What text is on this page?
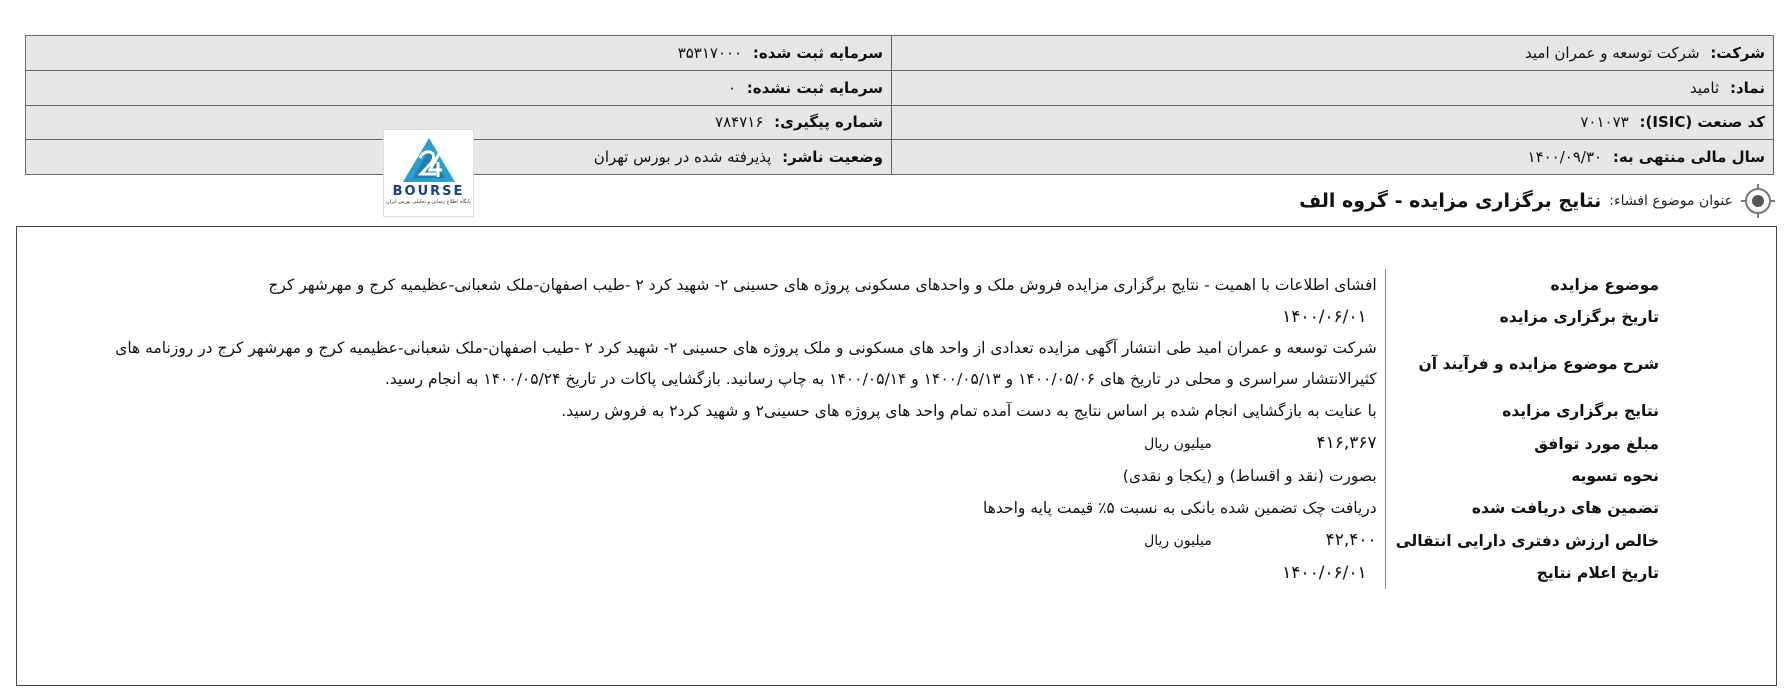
شرکت: شرکت توسعه و عمران امید	سرمایه ثبت شده: ۳۵۳۱۷۰۰۰
نماد: ثامید	سرمایه ثبت نشده: ۰
کد صنعت (ISIC): ۷۰۱۰۷۳	شماره پیگیری: ۷۸۴۷۱۶
سال مالی منتهی به: ۱۴۰۰/۰۹/۳۰	وضعیت ناشر: پذیرفته شده در بورس تهران
BOURSE
پایگاه اطلاع رسانی و تحلیلی بورس ایران	عنوان موضوع افشاء:
نتایج برگزاری مزایده - گروه الف
موضوع مزایده	افشای اطلاعات با اهمیت - نتایج برگزاری مزایده فروش ملک و واحدهای مسکونی پروژه های حسینی ۲- شهید کرد ۲ -طیب اصفهان-ملک شعبانی-عظیمیه کرج و مهرشهر کرج
تاریخ برگزاری مزایده	۱۴۰۰/۰۶/۰۱
شرح موضوع مزایده و فرآیند آن	شرکت توسعه و عمران امید طی انتشار آگهی مزایده تعدادی از واحد های مسکونی و ملک پروژه های حسینی ۲- شهید کرد ۲ -طیب اصفهان-ملک شعبانی-عظیمیه کرج و مهرشهر کرج در روزنامه های کثیرالانتشار سراسری و محلی در تاریخ های ۱۴۰۰/۰۵/۰۶ و ۱۴۰۰/۰۵/۱۳ و ۱۴۰۰/۰۵/۱۴ به چاپ رسانید. بازگشایی پاکات در تاریخ ۱۴۰۰/۰۵/۲۴ به انجام رسید.

نتایج برگزاری مزایده	با عنایت به بازگشایی انجام شده بر اساس نتایج به دست آمده تمام واحد های پروژه های حسینی۲ و شهید کرد۲ به فروش رسید.
مبلغ مورد توافق	۴۱۶,۳۶۷ میلیون ریال
نحوه تسویه	بصورت (نقد و اقساط) و (یکجا و نقدی)
تضمین های دریافت شده	دریافت چک تضمین شده بانکی به نسبت ۵٪ قیمت پایه واحدها
خالص ارزش دفتری دارایی انتقالی	۴۲,۴۰۰ میلیون ریال
تاریخ اعلام نتایج	۱۴۰۰/۰۶/۰۱
